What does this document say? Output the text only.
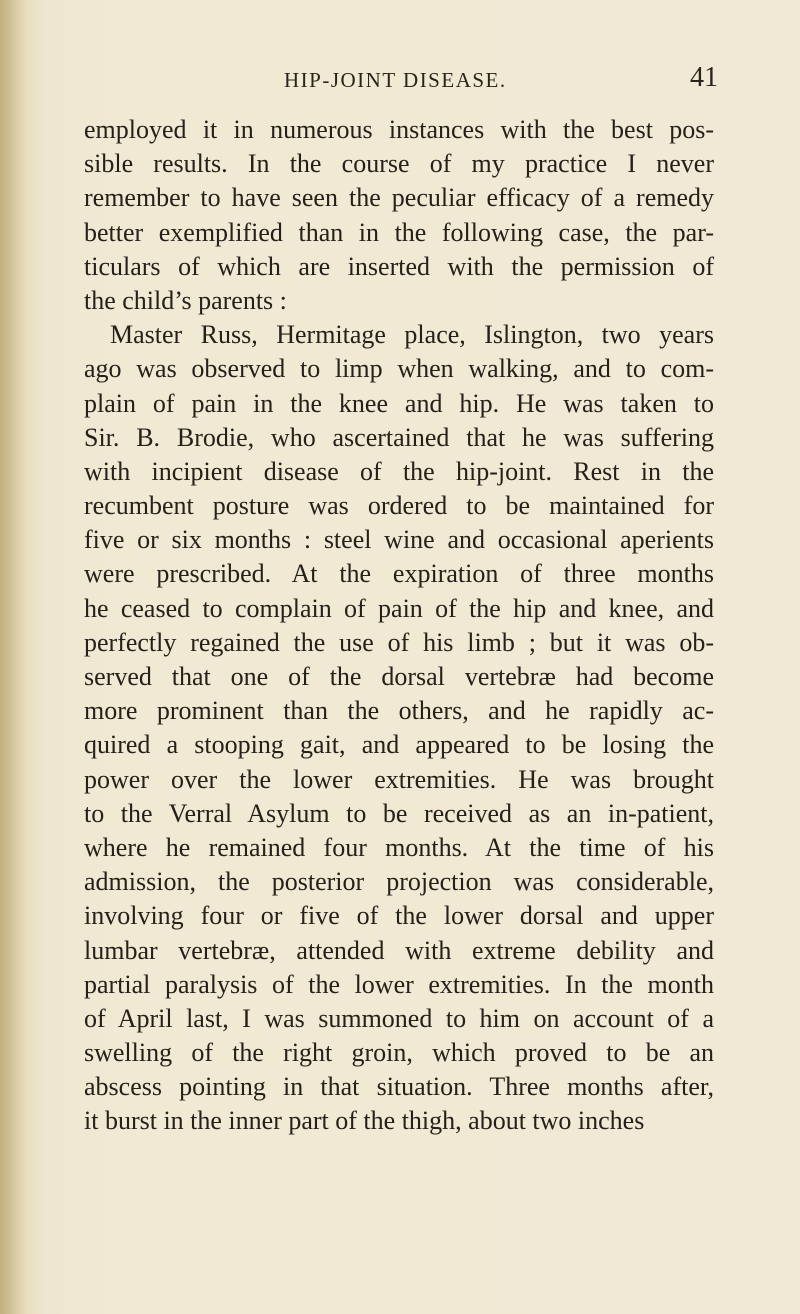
HIP-JOINT DISEASE.	41
employed it in numerous instances with the best pos-
sible results. In the course of my practice I never
remember to have seen the peculiar efficacy of a remedy
better exemplified than in the following case, the par-
ticulars of which are inserted with the permission of
the child’s parents :
Master Russ, Hermitage place, Islington, two years
ago was observed to limp when walking, and to com-
plain of pain in the knee and hip. He was taken to
Sir. B. Brodie, who ascertained that he was suffering
with incipient disease of the hip-joint. Rest in the
recumbent posture was ordered to be maintained for
five or six months : steel wine and occasional aperients
were prescribed. At the expiration of three months
he ceased to complain of pain of the hip and knee, and
perfectly regained the use of his limb ; but it was ob-
served that one of the dorsal vertebræ had become
more prominent than the others, and he rapidly ac-
quired a stooping gait, and appeared to be losing the
power over the lower extremities. He was brought
to the Verral Asylum to be received as an in-patient,
where he remained four months. At the time of his
admission, the posterior projection was considerable,
involving four or five of the lower dorsal and upper
lumbar vertebræ, attended with extreme debility and
partial paralysis of the lower extremities. In the month
of April last, I was summoned to him on account of a
swelling of the right groin, which proved to be an
abscess pointing in that situation. Three months after,
it burst in the inner part of the thigh, about two inches
